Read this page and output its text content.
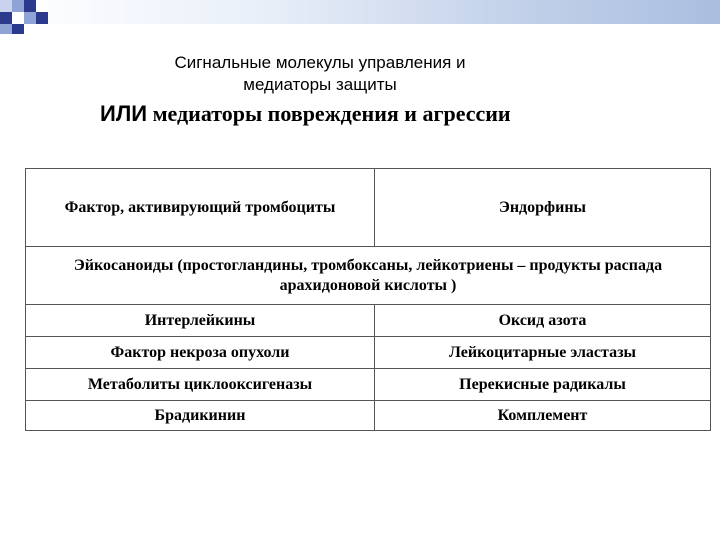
Сигнальные молекулы управления и
медиаторы защиты
ИЛИ медиаторы повреждения и агрессии
Фактор, активирующий тромбоциты	Эндорфины
Эйкосаноиды (простогландины, тромбоксаны, лейкотриены – продукты распада арахидоновой кислоты )	
Интерлейкины	Оксид азота
Фактор некроза опухоли	Лейкоцитарные эластазы
Метаболиты циклооксигеназы	Перекисные радикалы
Брадикинин	Комплемент
